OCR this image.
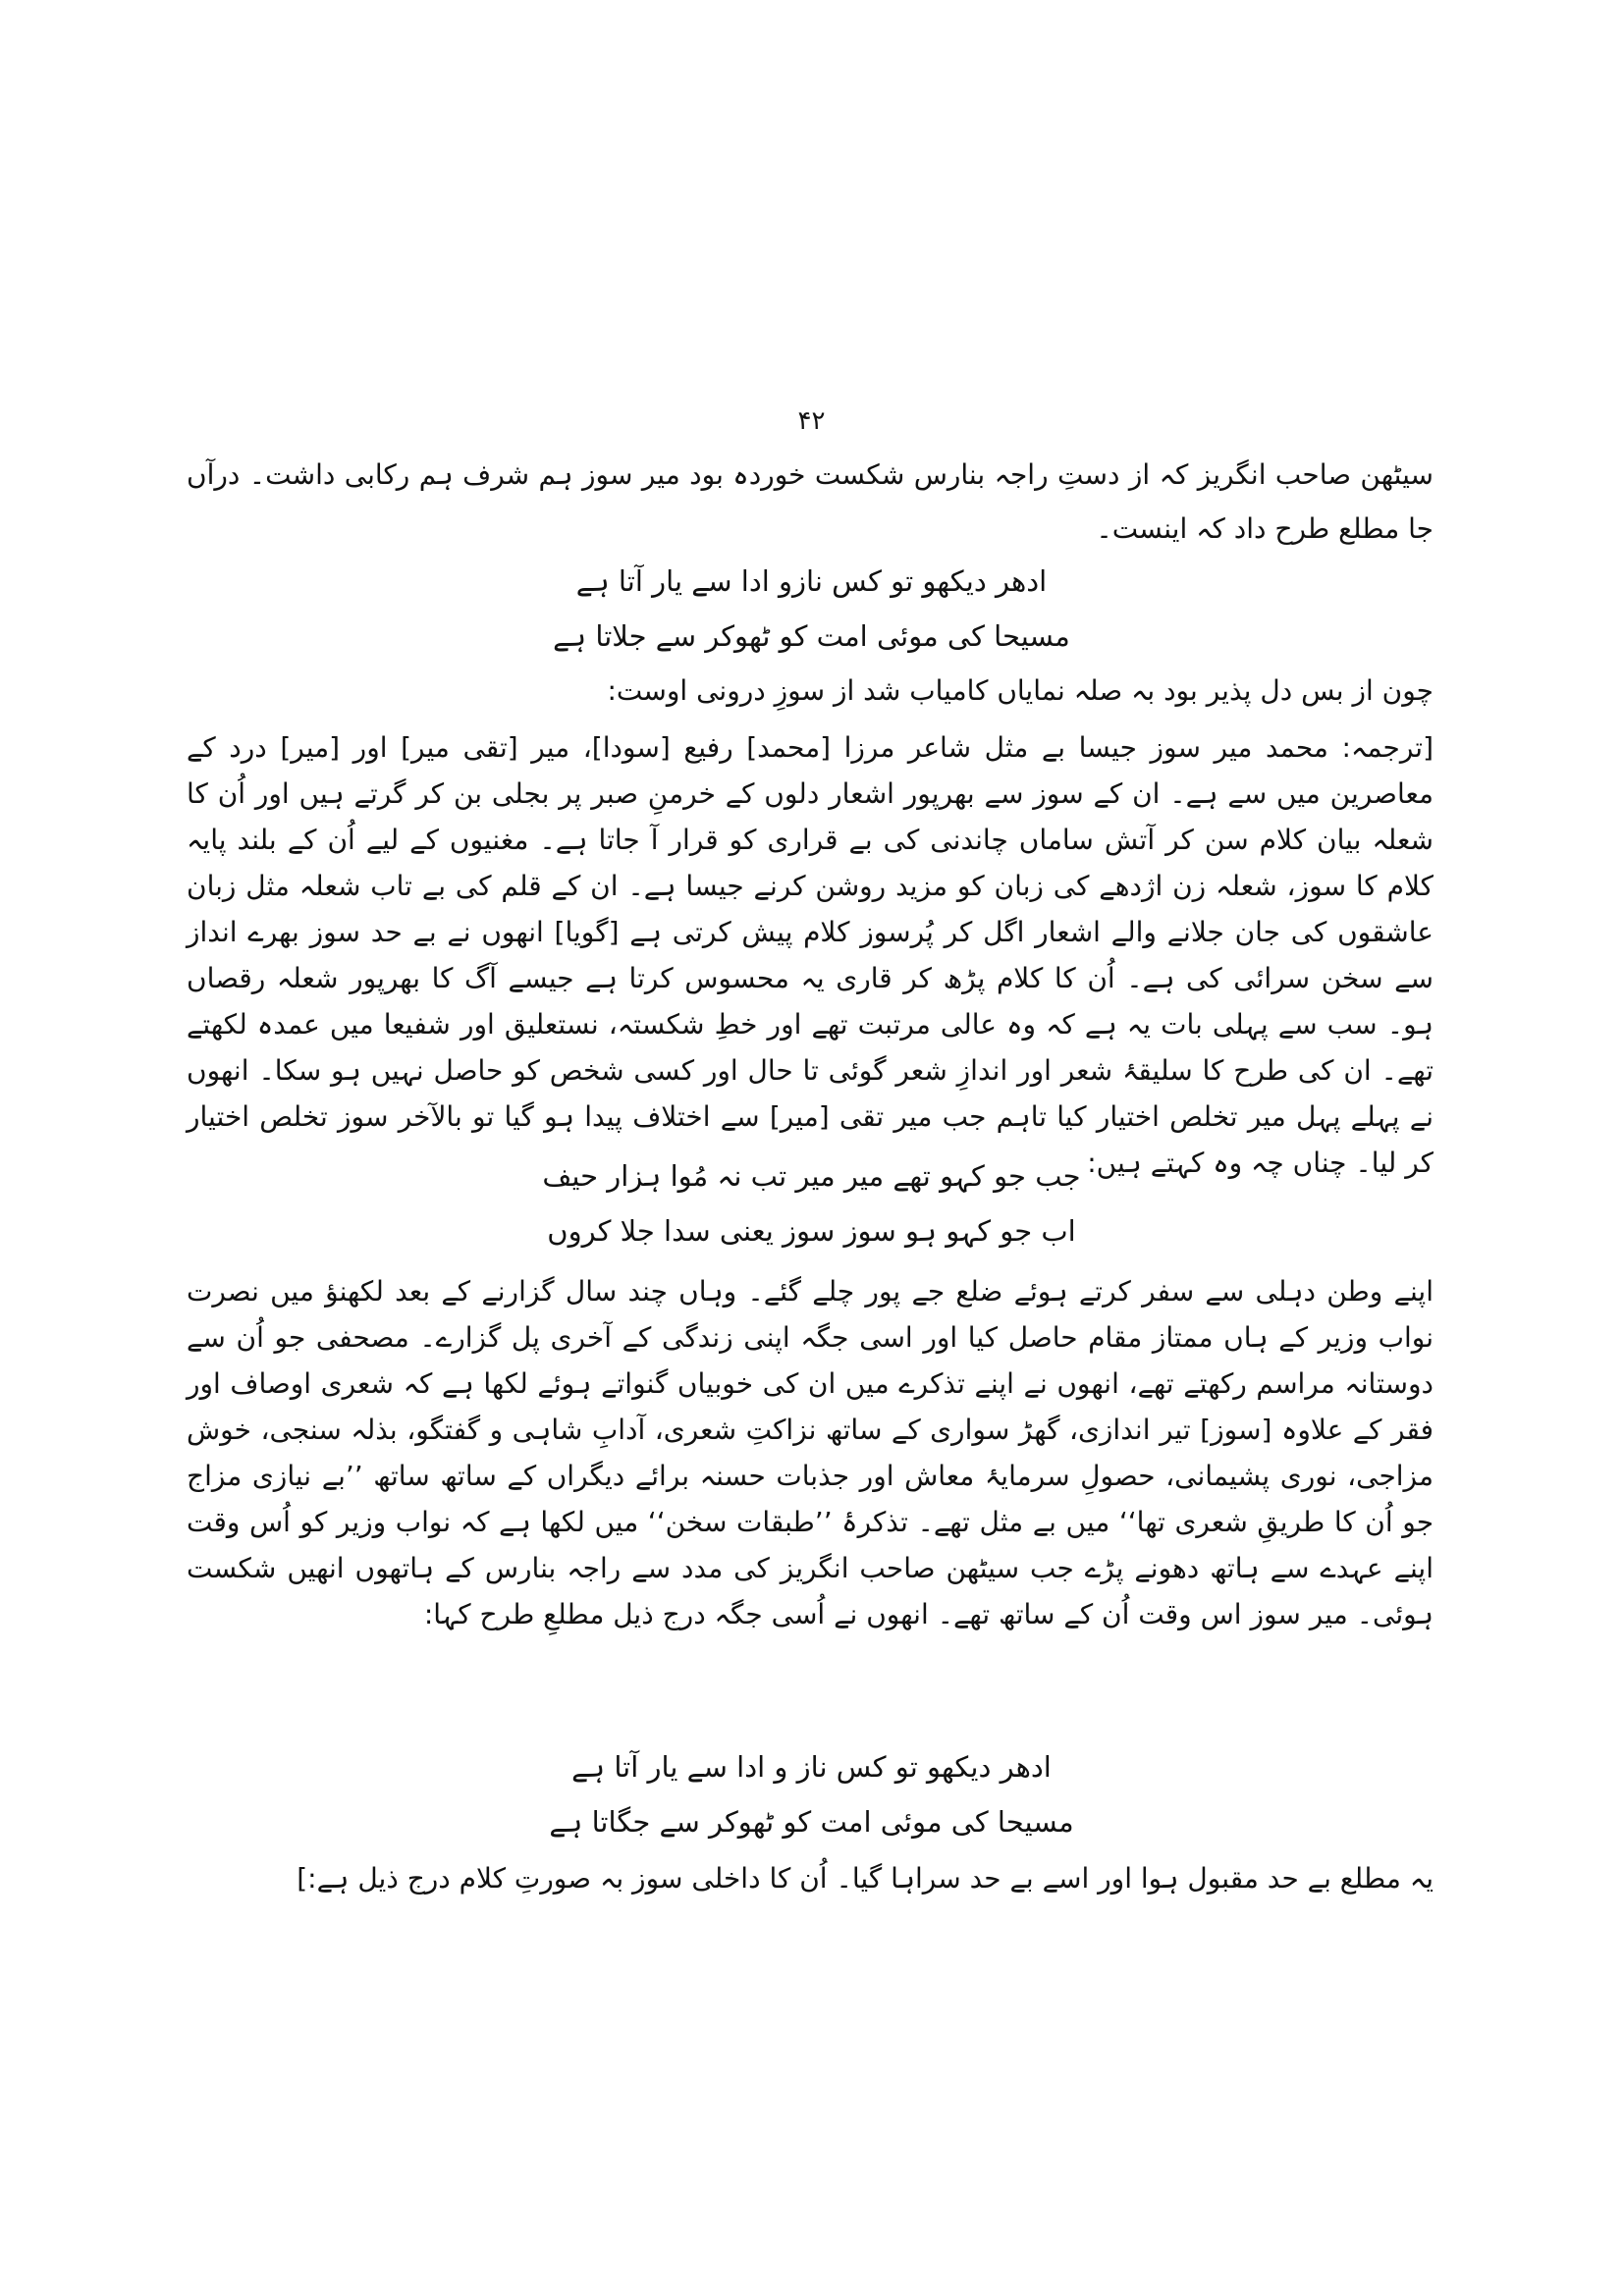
۴۲
سیٹھن صاحب انگریز کہ از دستِ راجہ بنارس شکست خوردہ بود میر سوز ہم شرف ہم رکابی داشت۔ درآں جا مطلع طرح داد کہ اینست۔
ادھر دیکھو تو کس نازو ادا سے یار آتا ہے
مسیحا کی موئی امت کو ٹھوکر سے جلاتا ہے
چون از بس دل پذیر بود بہ صلہ نمایاں کامیاب شد از سوزِ درونی اوست:
[ترجمہ: محمد میر سوز جیسا بے مثل شاعر مرزا [محمد] رفیع [سودا]، میر [تقی میر] اور [میر] درد کے معاصرین میں سے ہے۔ ان کے سوز سے بھرپور اشعار دلوں کے خرمنِ صبر پر بجلی بن کر گرتے ہیں اور اُن کا شعلہ بیان کلام سن کر آتش ساماں چاندنی کی بے قراری کو قرار آ جاتا ہے۔ مغنیوں کے لیے اُن کے بلند پایہ کلام کا سوز، شعلہ زن اژدھے کی زبان کو مزید روشن کرنے جیسا ہے۔ ان کے قلم کی بے تاب شعلہ مثل زبان عاشقوں کی جان جلانے والے اشعار اگل کر پُرسوز کلام پیش کرتی ہے [گویا] انھوں نے بے حد سوز بھرے انداز سے سخن سرائی کی ہے۔ اُن کا کلام پڑھ کر قاری یہ محسوس کرتا ہے جیسے آگ کا بھرپور شعلہ رقصاں ہو۔ سب سے پہلی بات یہ ہے کہ وہ عالی مرتبت تھے اور خطِ شکستہ، نستعلیق اور شفیعا میں عمدہ لکھتے تھے۔ ان کی طرح کا سلیقۂ شعر اور اندازِ شعر گوئی تا حال اور کسی شخص کو حاصل نہیں ہو سکا۔ انھوں نے پہلے پہل میر تخلص اختیار کیا تاہم جب میر تقی [میر] سے اختلاف پیدا ہو گیا تو بالآخر سوز تخلص اختیار کر لیا۔ چناں چہ وہ کہتے ہیں:
جب جو کہو تھے میر میر تب نہ مُوا ہزار حیف
اب جو کہو ہو سوز سوز یعنی سدا جلا کروں
اپنے وطن دہلی سے سفر کرتے ہوئے ضلع جے پور چلے گئے۔ وہاں چند سال گزارنے کے بعد لکھنؤ میں نصرت نواب وزیر کے ہاں ممتاز مقام حاصل کیا اور اسی جگہ اپنی زندگی کے آخری پل گزارے۔ مصحفی جو اُن سے دوستانہ مراسم رکھتے تھے، انھوں نے اپنے تذکرے میں ان کی خوبیاں گنواتے ہوئے لکھا ہے کہ شعری اوصاف اور فقر کے علاوہ [سوز] تیر اندازی، گھڑ سواری کے ساتھ نزاکتِ شعری، آدابِ شاہی و گفتگو، بذلہ سنجی، خوش مزاجی، نوری پشیمانی، حصولِ سرمایۂ معاش اور جذبات حسنہ برائے دیگراں کے ساتھ ساتھ ’’بے نیازی مزاج جو اُن کا طریقِ شعری تھا‘‘ میں بے مثل تھے۔ تذکرۂ ’’طبقات سخن‘‘ میں لکھا ہے کہ نواب وزیر کو اُس وقت اپنے عہدے سے ہاتھ دھونے پڑے جب سیٹھن صاحب انگریز کی مدد سے راجہ بنارس کے ہاتھوں انھیں شکست ہوئی۔ میر سوز اس وقت اُن کے ساتھ تھے۔ انھوں نے اُسی جگہ درج ذیل مطلعِ طرح کہا:
ادھر دیکھو تو کس ناز و ادا سے یار آتا ہے
مسیحا کی موئی امت کو ٹھوکر سے جگاتا ہے
یہ مطلع بے حد مقبول ہوا اور اسے بے حد سراہا گیا۔ اُن کا داخلی سوز بہ صورتِ کلام درج ذیل ہے:]
